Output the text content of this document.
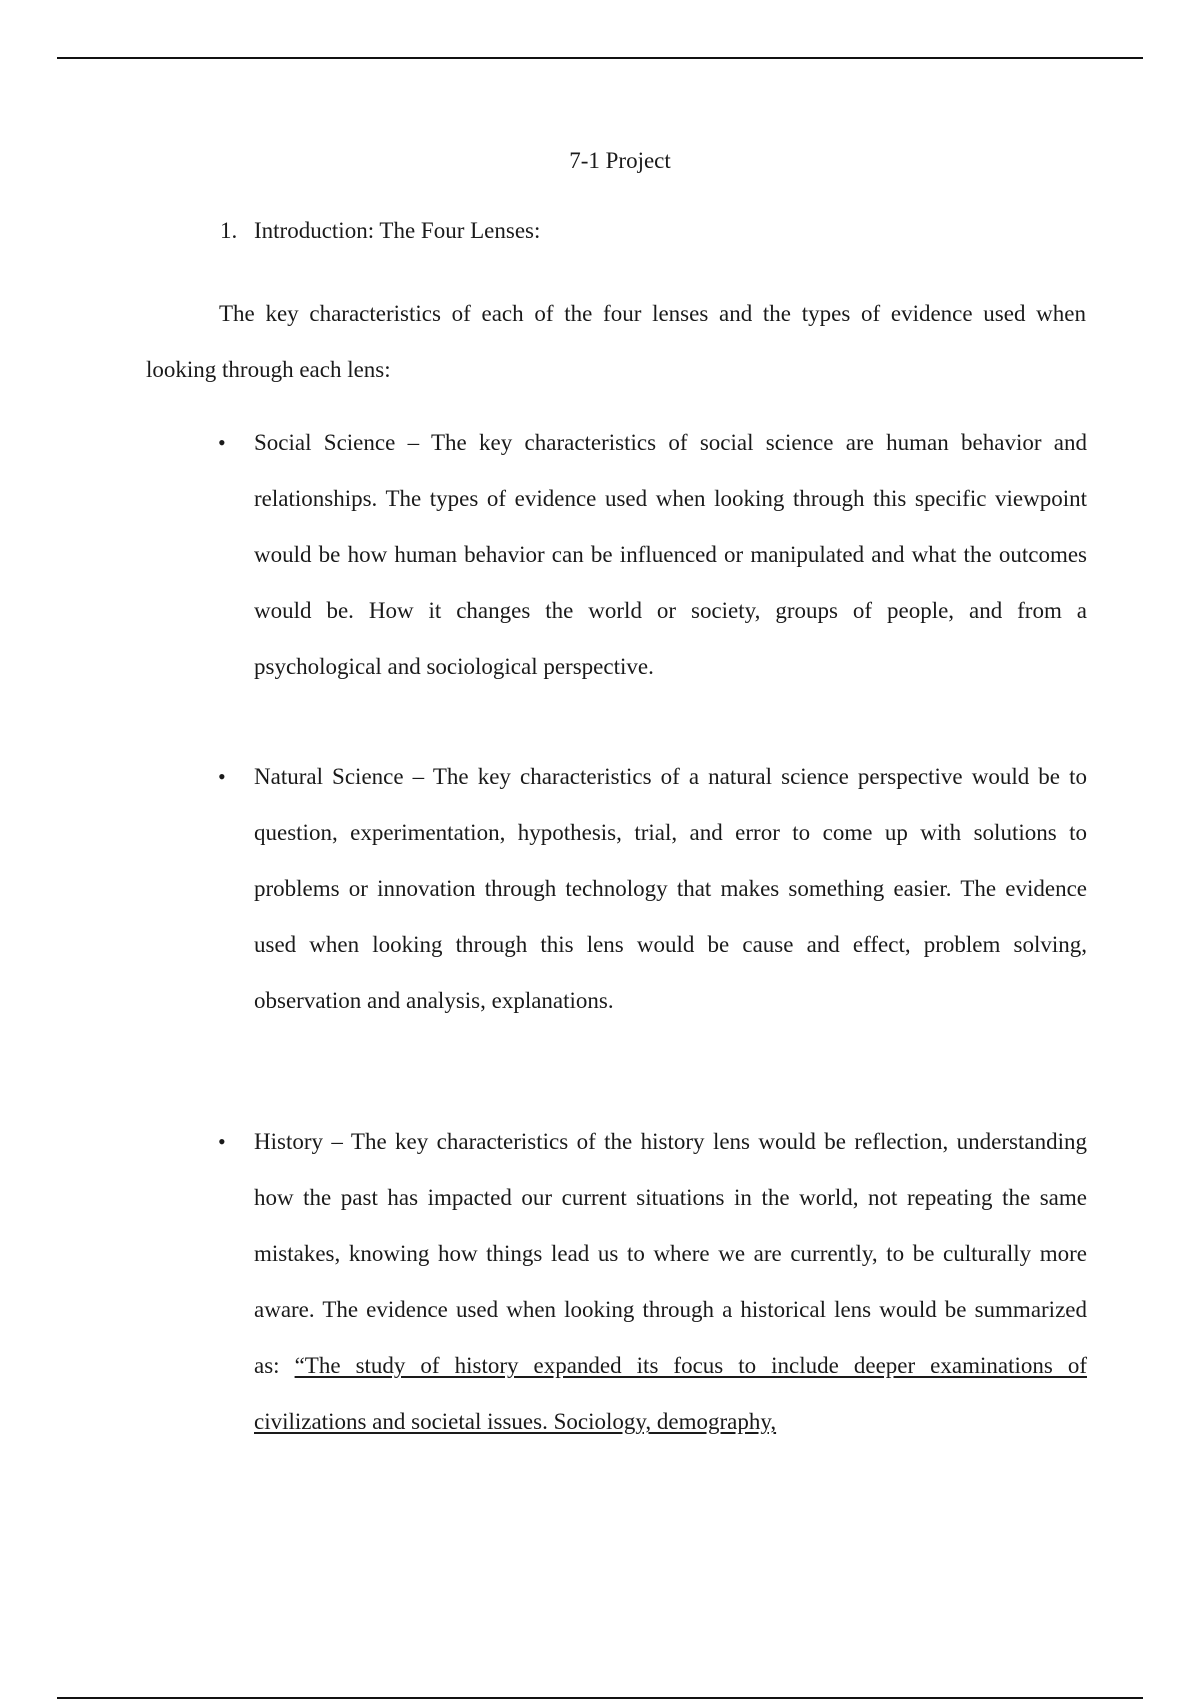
7-1 Project
1. Introduction: The Four Lenses:

The key characteristics of each of the four lenses and the types of evidence used when looking through each lens:

•	Social Science – The key characteristics of social science are human behavior and relationships. The types of evidence used when looking through this specific viewpoint would be how human behavior can be influenced or manipulated and what the outcomes would be. How it changes the world or society, groups of people, and from a psychological and sociological perspective.

•	Natural Science – The key characteristics of a natural science perspective would be to question, experimentation, hypothesis, trial, and error to come up with solutions to problems or innovation through technology that makes something easier. The evidence used when looking through this lens would be cause and effect, problem solving, observation and analysis, explanations.

•	History – The key characteristics of the history lens would be reflection, understanding how the past has impacted our current situations in the world, not repeating the same mistakes, knowing how things lead us to where we are currently, to be culturally more aware. The evidence used when looking through a historical lens would be summarized as: “The study of history expanded its focus to include deeper examinations of civilizations and societal issues. Sociology, demography,
